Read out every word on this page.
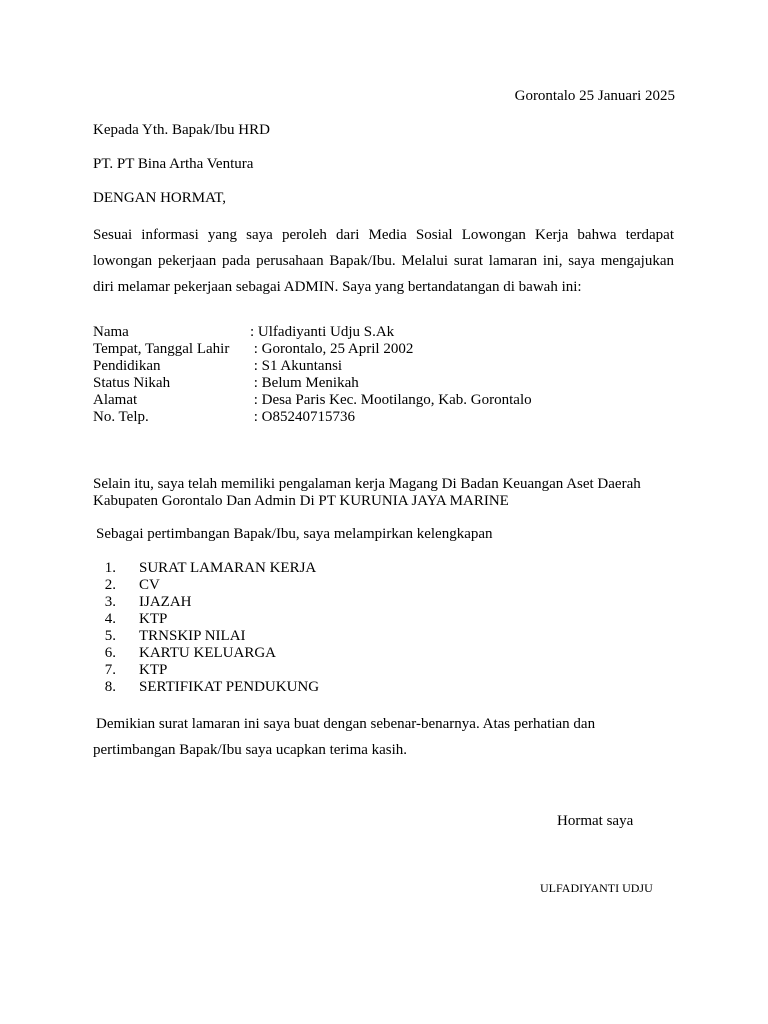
Gorontalo 25 Januari 2025
Kepada Yth. Bapak/Ibu HRD
PT. PT Bina Artha Ventura
DENGAN HORMAT,
Sesuai informasi yang saya peroleh dari Media Sosial Lowongan Kerja bahwa terdapat lowongan pekerjaan pada perusahaan Bapak/Ibu. Melalui surat lamaran ini, saya mengajukan diri melamar pekerjaan sebagai ADMIN. Saya yang bertandatangan di bawah ini:
Nama	: Ulfadiyanti Udju S.Ak
Tempat, Tanggal Lahir	: Gorontalo, 25 April 2002
Pendidikan	: S1 Akuntansi
Status Nikah	: Belum Menikah
Alamat	: Desa Paris Kec. Mootilango, Kab. Gorontalo
No. Telp.	: O85240715736
Selain itu, saya telah memiliki pengalaman kerja Magang Di Badan Keuangan Aset Daerah Kabupaten Gorontalo Dan Admin Di PT KURUNIA JAYA MARINE
Sebagai pertimbangan Bapak/Ibu, saya melampirkan kelengkapan
1. SURAT LAMARAN KERJA
2. CV
3. IJAZAH
4. KTP
5. TRNSKIP NILAI
6. KARTU KELUARGA
7. KTP
8. SERTIFIKAT PENDUKUNG
Demikian surat lamaran ini saya buat dengan sebenar-benarnya. Atas perhatian dan
pertimbangan Bapak/Ibu saya ucapkan terima kasih.
Hormat saya
ULFADIYANTI UDJU
